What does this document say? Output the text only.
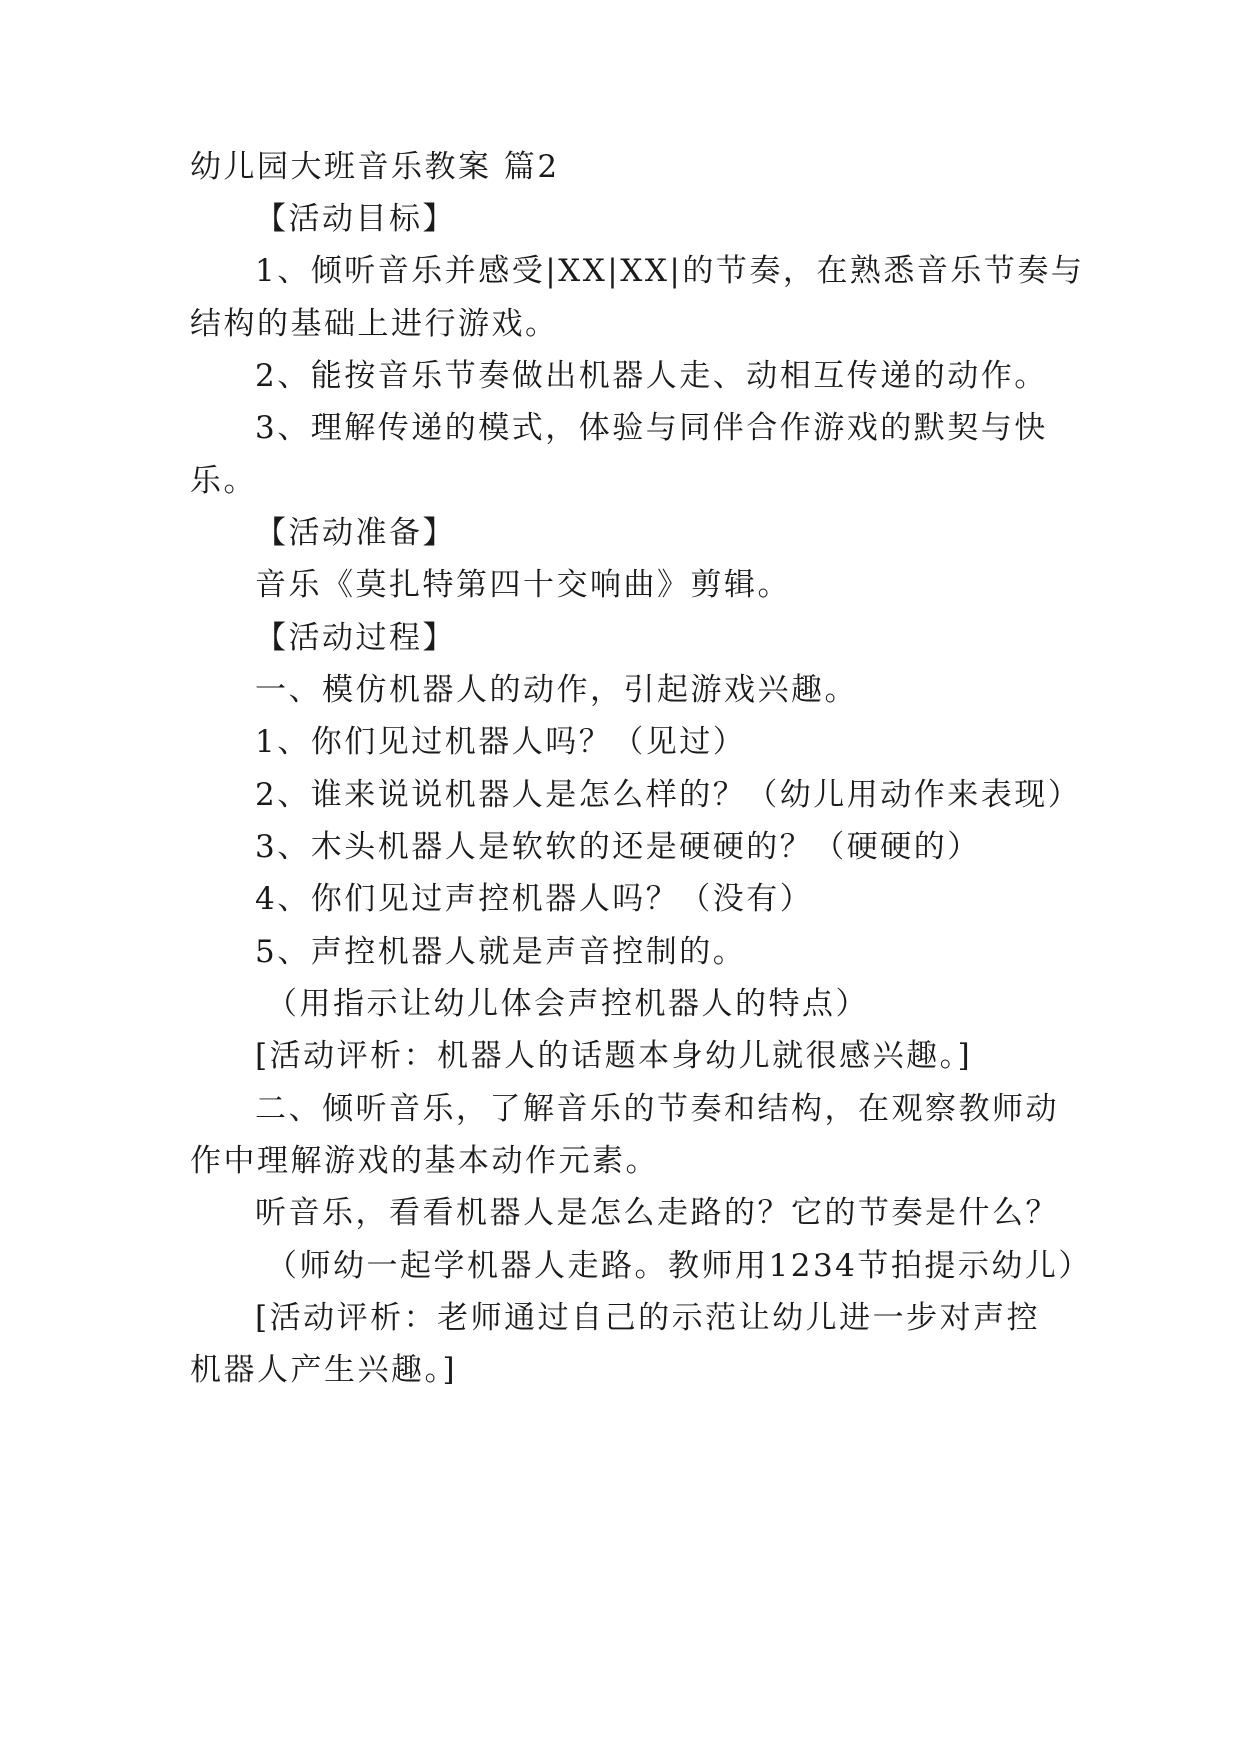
幼儿园大班音乐教案 篇2
【活动目标】
1、倾听音乐并感受|XX|XX|的节奏，在熟悉音乐节奏与
结构的基础上进行游戏。
2、能按音乐节奏做出机器人走、动相互传递的动作。
3、理解传递的模式，体验与同伴合作游戏的默契与快
乐。
【活动准备】
音乐《莫扎特第四十交响曲》剪辑。
【活动过程】
一、模仿机器人的动作，引起游戏兴趣。
1、你们见过机器人吗？（见过）
2、谁来说说机器人是怎么样的？（幼儿用动作来表现）
3、木头机器人是软软的还是硬硬的？（硬硬的）
4、你们见过声控机器人吗？（没有）
5、声控机器人就是声音控制的。
（用指示让幼儿体会声控机器人的特点）
[活动评析：机器人的话题本身幼儿就很感兴趣。]
二、倾听音乐，了解音乐的节奏和结构，在观察教师动
作中理解游戏的基本动作元素。
听音乐，看看机器人是怎么走路的？它的节奏是什么？
（师幼一起学机器人走路。教师用1234节拍提示幼儿）
[活动评析：老师通过自己的示范让幼儿进一步对声控
机器人产生兴趣。]
